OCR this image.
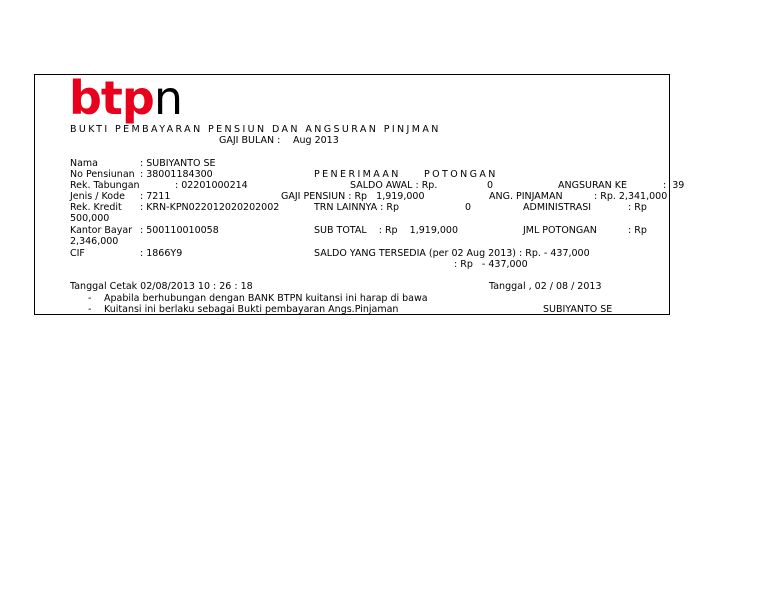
btpn
BUKTI PEMBAYARAN PENSIUN DAN ANGSURAN PINJMAN
GAJI BULAN : Aug 2013
Nama	: SUBIYANTO SE
No Pensiunan : 38001184300
Rek. Tabungan	: 02201000214
Jenis / Kode : 7211
Rek. Kredit : KRN-KPN022012020202002
Kantor Bayar : 500110010058
CIF	: 1866Y9
PENERIMAAN POTONGAN
SALDO AWAL : Rp.	0
GAJI PENSIUN : Rp   1,919,000
TRN LAINNYA : Rp	0
SUB TOTAL    : Rp    1,919,000
SALDO YANG TERSEDIA (per 02 Aug 2013) : Rp. - 437,000
: Rp   - 437,000
ANGSURAN KE	:  39
ANG. PINJAMAN	: Rp. 2,341,000
ADMINISTRASI	: Rp
500,000
JML POTONGAN	: Rp
2,346,000
Tanggal Cetak 02/08/2013 10 : 26 : 18	Tanggal , 02 / 08 / 2013
- Apabila berhubungan dengan BANK BTPN kuitansi ini harap di bawa
- Kuitansi ini berlaku sebagai Bukti pembayaran Angs.Pinjaman	SUBIYANTO SE
